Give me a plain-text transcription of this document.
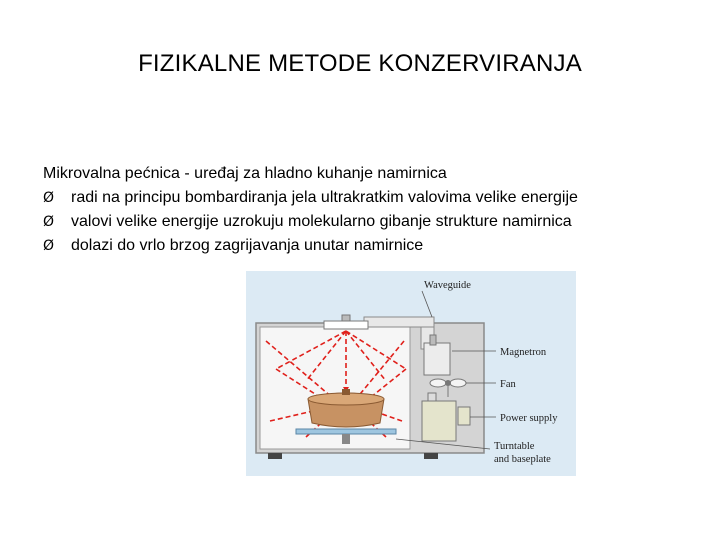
FIZIKALNE METODE KONZERVIRANJA
Mikrovalna pećnica - uređaj za hladno kuhanje namirnica
Ø	radi na principu bombardiranja jela ultrakratkim valovima velike energije
Ø	valovi velike energije uzrokuju molekularno gibanje strukture namirnica
Ø	dolazi do vrlo brzog zagrijavanja unutar namirnice
Waveguide
Magnetron
Fan
Power supply
Turntable
and baseplate
